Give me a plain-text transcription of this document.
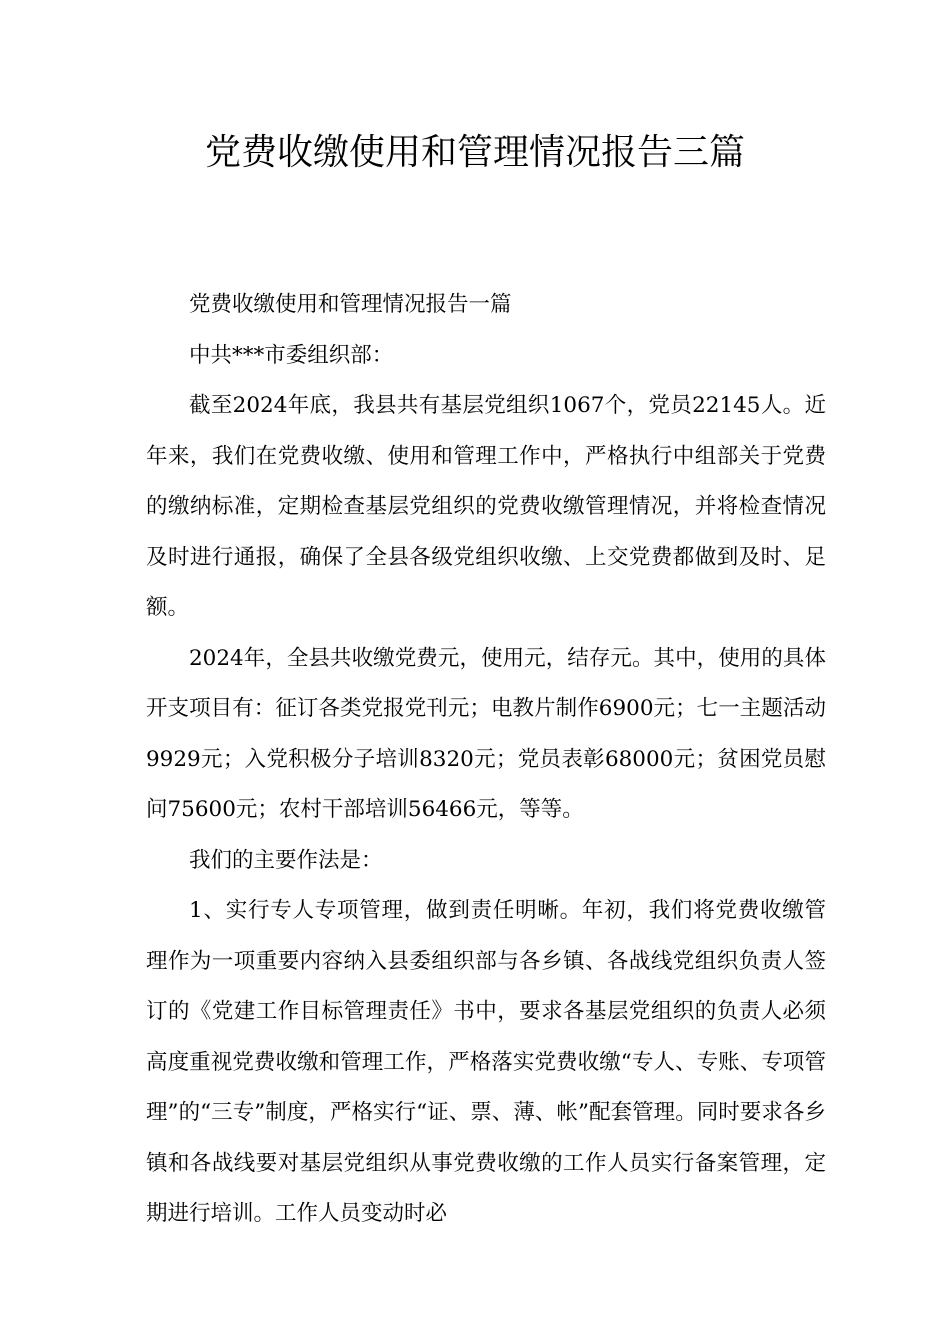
党费收缴使用和管理情况报告三篇

党费收缴使用和管理情况报告一篇

中共***市委组织部：

截至2024年底，我县共有基层党组织1067个，党员22145人。近年来，我们在党费收缴、使用和管理工作中，严格执行中组部关于党费的缴纳标准，定期检查基层党组织的党费收缴管理情况，并将检查情况及时进行通报，确保了全县各级党组织收缴、上交党费都做到及时、足额。

2024年，全县共收缴党费元，使用元，结存元。其中，使用的具体开支项目有：征订各类党报党刊元；电教片制作6900元；七一主题活动9929元；入党积极分子培训8320元；党员表彰68000元；贫困党员慰问75600元；农村干部培训56466元，等等。

我们的主要作法是：

1、实行专人专项管理，做到责任明晰。年初，我们将党费收缴管理作为一项重要内容纳入县委组织部与各乡镇、各战线党组织负责人签订的《党建工作目标管理责任》书中，要求各基层党组织的负责人必须高度重视党费收缴和管理工作，严格落实党费收缴“专人、专账、专项管理”的“三专”制度，严格实行“证、票、薄、帐”配套管理。同时要求各乡镇和各战线要对基层党组织从事党费收缴的工作人员实行备案管理，定期进行培训。工作人员变动时必
